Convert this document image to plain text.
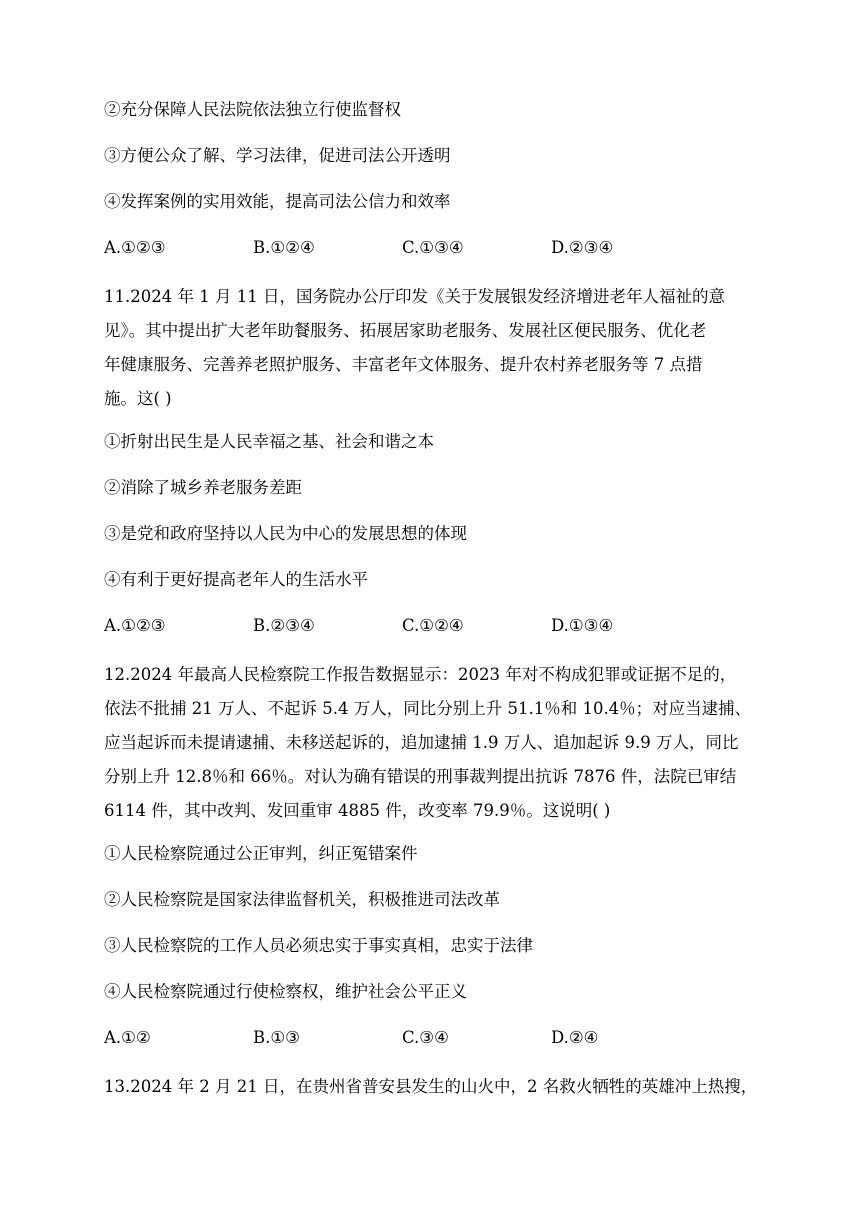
②充分保障人民法院依法独立行使监督权
③方便公众了解、学习法律，促进司法公开透明
④发挥案例的实用效能，提高司法公信力和效率
A.①②③	B.①②④	C.①③④	D.②③④
11.2024 年 1 月 11 日，国务院办公厅印发《关于发展银发经济增进老年人福祉的意
见》。其中提出扩大老年助餐服务、拓展居家助老服务、发展社区便民服务、优化老
年健康服务、完善养老照护服务、丰富老年文体服务、提升农村养老服务等 7 点措
施。这( )
①折射出民生是人民幸福之基、社会和谐之本
②消除了城乡养老服务差距
③是党和政府坚持以人民为中心的发展思想的体现
④有利于更好提高老年人的生活水平
A.①②③	B.②③④	C.①②④	D.①③④
12.2024 年最高人民检察院工作报告数据显示：2023 年对不构成犯罪或证据不足的，
依法不批捕 21 万人、不起诉 5.4 万人，同比分别上升 51.1％和 10.4％；对应当逮捕、
应当起诉而未提请逮捕、未移送起诉的，追加逮捕 1.9 万人、追加起诉 9.9 万人，同比
分别上升 12.8％和 66％。对认为确有错误的刑事裁判提出抗诉 7876 件，法院已审结
6114 件，其中改判、发回重审 4885 件，改变率 79.9％。这说明( )
①人民检察院通过公正审判，纠正冤错案件
②人民检察院是国家法律监督机关，积极推进司法改革
③人民检察院的工作人员必须忠实于事实真相，忠实于法律
④人民检察院通过行使检察权，维护社会公平正义
A.①②	B.①③	C.③④	D.②④
13.2024 年 2 月 21 日，在贵州省普安县发生的山火中，2 名救火牺牲的英雄冲上热搜，
